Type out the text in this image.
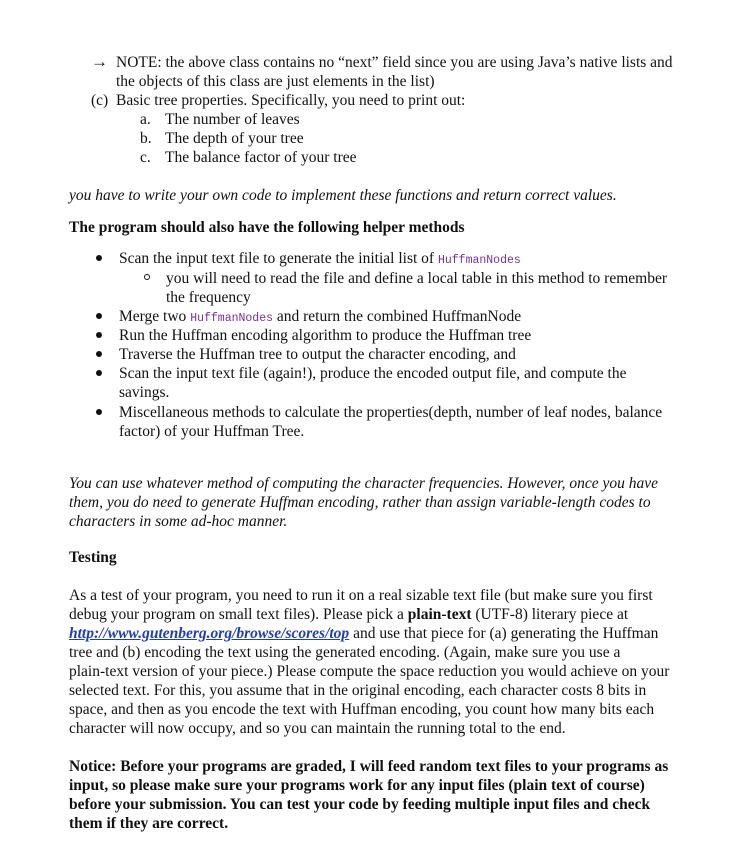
→ NOTE: the above class contains no “next” field since you are using Java’s native lists and
the objects of this class are just elements in the list)
(c) Basic tree properties. Specifically, you need to print out:
a. The number of leaves
b. The depth of your tree
c. The balance factor of your tree
you have to write your own code to implement these functions and return correct values.
The program should also have the following helper methods
Scan the input text file to generate the initial list of HuffmanNodes
you will need to read the file and define a local table in this method to remember
the frequency
Merge two HuffmanNodes and return the combined HuffmanNode
Run the Huffman encoding algorithm to produce the Huffman tree
Traverse the Huffman tree to output the character encoding, and
Scan the input text file (again!), produce the encoded output file, and compute the
savings.
Miscellaneous methods to calculate the properties(depth, number of leaf nodes, balance
factor) of your Huffman Tree.
You can use whatever method of computing the character frequencies. However, once you have
them, you do need to generate Huffman encoding, rather than assign variable-length codes to
characters in some ad-hoc manner.
Testing
As a test of your program, you need to run it on a real sizable text file (but make sure you first
debug your program on small text files). Please pick a plain-text (UTF-8) literary piece at
http://www.gutenberg.org/browse/scores/top and use that piece for (a) generating the Huffman
tree and (b) encoding the text using the generated encoding. (Again, make sure you use a
plain-text version of your piece.) Please compute the space reduction you would achieve on your
selected text. For this, you assume that in the original encoding, each character costs 8 bits in
space, and then as you encode the text with Huffman encoding, you count how many bits each
character will now occupy, and so you can maintain the running total to the end.
Notice: Before your programs are graded, I will feed random text files to your programs as
input, so please make sure your programs work for any input files (plain text of course)
before your submission. You can test your code by feeding multiple input files and check
them if they are correct.
